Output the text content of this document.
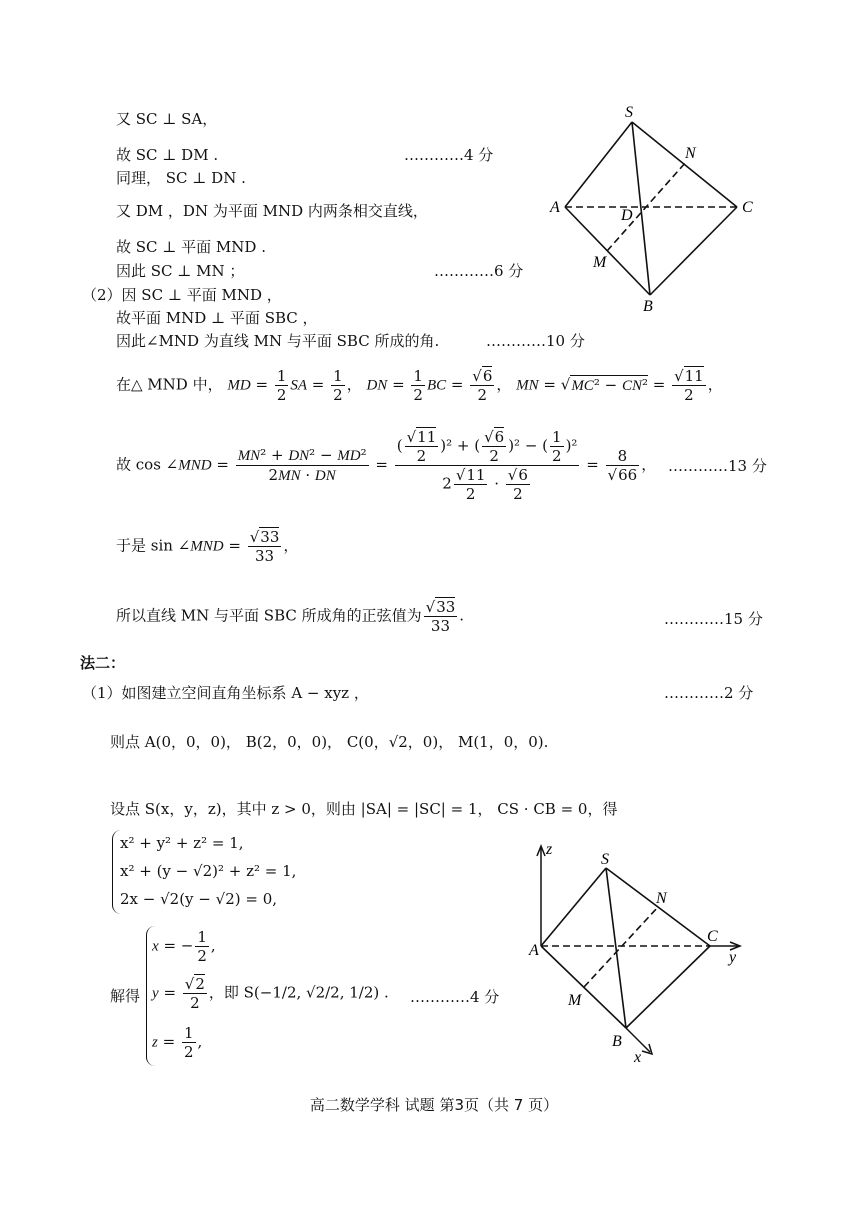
又 SC ⊥ SA，
故 SC ⊥ DM .	…………4 分
同理， SC ⊥ DN .
又 DM ，DN 为平面 MND 内两条相交直线，
故 SC ⊥ 平面 MND .
因此 SC ⊥ MN ；	…………6 分
S
N
A	D	C
M
B
（2）因 SC ⊥ 平面 MND ，
故平面 MND ⊥ 平面 SBC ，
因此∠MND 为直线 MN 与平面 SBC 所成的角.	…………10 分
在△ MND 中， MD = $\frac{1}{2}$ SA = $\frac{1}{2}$ ， DN = $\frac{1}{2}$ BC = $\frac{√6}{2}$ ， MN = $√MC^2 - CN^2 = \frac{√11}{2}$ ，
故 cos ∠MND = $\frac{\text{MN² + DN² − MD²}}{2MN \cdot DN} = \frac{( \frac{√11}{2} )^2 + ( \frac{√6}{2} )^2 - ( \frac{1}{2} )^2}{2 \frac{√11}{2} \cdot \frac{√6}{2}} = \frac{8}{√66}$ ， …………13 分
于是 sin ∠MND = $\frac{√33}{33}$ ，
所以直线 MN 与平面 SBC 所成角的正弦值为 $\frac{√33}{33}$ .	…………15 分
法二：
（1）如图建立空间直角坐标系 A − xyz ，	…………2 分
则点 A(0，0，0)， B(2，0，0)， C(0，√2，0)， M(1，0，0).
设点 S(x，y，z)，其中 z > 0，则由 |SA| = |SC| = 1， CS · CB = 0，得
x² + y² + z² = 1,
x² + (y − √2)² + z² = 1,
2x − √2(y − √2) = 0,
解得
x = − $\frac{1}{2}$ ,
$y = \frac{√2}{2}$ ，即 S(−1/2, √2/2, 1/2) .
$z = \frac{1}{2}$ ,
…………4 分
z
S
N
A
C
y
M
B
x
高二数学学科 试题 第3页（共 7 页）
